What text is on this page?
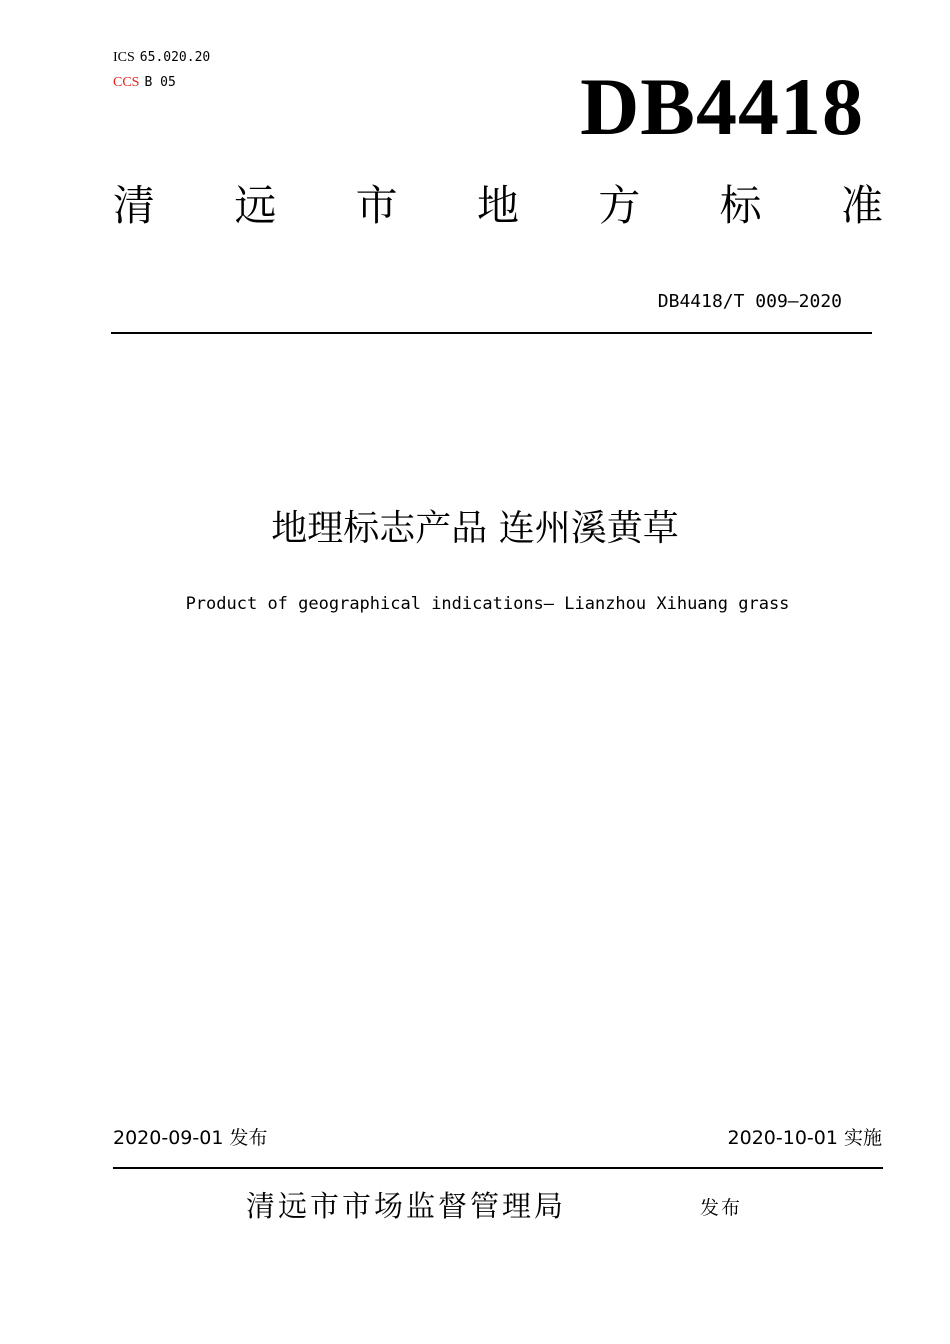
ICS 65.020.20
CCS B 05	DB4418
清 远 市 地 方 标 准
DB4418/T 009—2020
地理标志产品 连州溪黄草
Product of geographical indications— Lianzhou Xihuang grass
2020-09-01 发布	2020-10-01 实施
清远市市场监督管理局	发布
